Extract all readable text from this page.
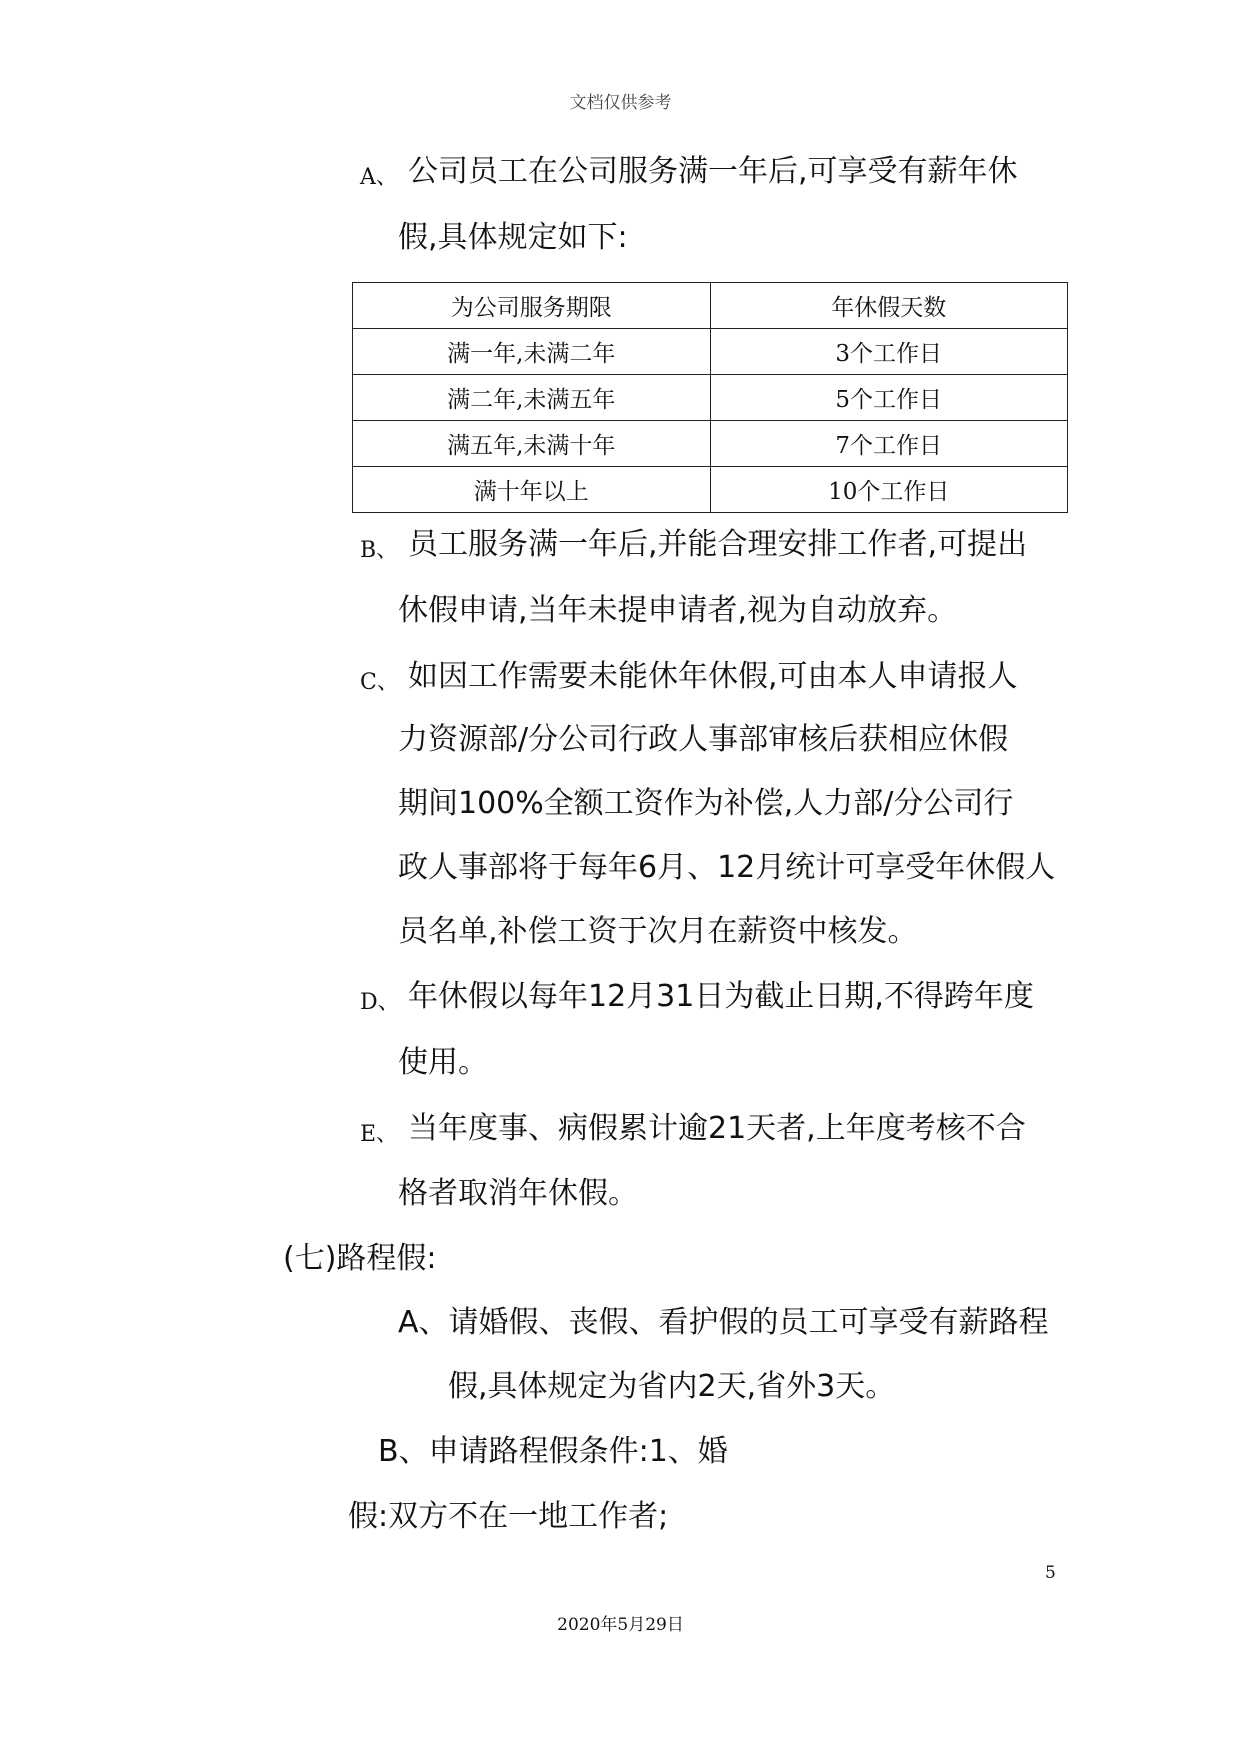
文档仅供参考
A、 公司员工在公司服务满一年后,可享受有薪年休
假,具体规定如下:
为公司服务期限	年休假天数
满一年,未满二年	3个工作日
满二年,未满五年	5个工作日
满五年,未满十年	7个工作日
满十年以上	10个工作日
B、 员工服务满一年后,并能合理安排工作者,可提出
休假申请,当年未提申请者,视为自动放弃。
C、 如因工作需要未能休年休假,可由本人申请报人
力资源部/分公司行政人事部审核后获相应休假
期间100%全额工资作为补偿,人力部/分公司行
政人事部将于每年6月、12月统计可享受年休假人
员名单,补偿工资于次月在薪资中核发。
D、 年休假以每年12月31日为截止日期,不得跨年度
使用。
E、 当年度事、病假累计逾21天者,上年度考核不合
格者取消年休假。
(七)路程假:
A、请婚假、丧假、看护假的员工可享受有薪路程
假,具体规定为省内2天,省外3天。
B、申请路程假条件:1、婚
假:双方不在一地工作者;
5
2020年5月29日
